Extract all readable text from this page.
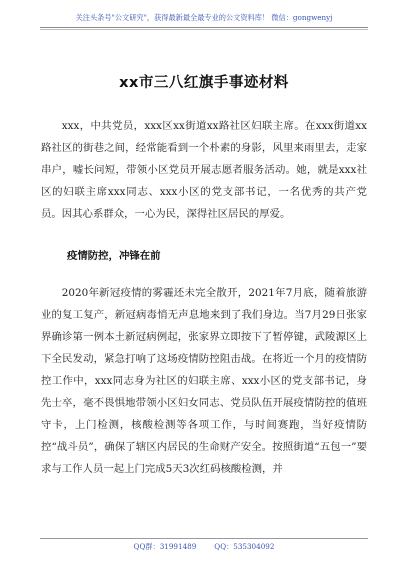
关注头条号"公文研究"，获得最新最全最专业的公文资料库！ 微信：gongwenyj
xx市三八红旗手事迹材料
xxx，中共党员，xxx区xx街道xx路社区妇联主席。在xxx街道xx路社区的街巷之间，经常能看到一个朴素的身影，风里来雨里去，走家串户，嘘长问短，带领小区党员开展志愿者服务活动。她，就是xxx社区的妇联主席xxx同志、xxx小区的党支部书记，一名优秀的共产党员。因其心系群众，一心为民，深得社区居民的厚爱。
疫情防控，冲锋在前
2020年新冠疫情的雾霾还未完全散开，2021年7月底，随着旅游业的复工复产，新冠病毒悄无声息地来到了我们身边。当7月29日张家界确诊第一例本土新冠病例起，张家界立即按下了暂停键，武陵源区上下全民发动，紧急打响了这场疫情防控阻击战。在将近一个月的疫情防控工作中，xxx同志身为社区的妇联主席、xxx小区的党支部书记，身先士卒，毫不畏惧地带领小区妇女同志、党员队伍开展疫情防控的值班守卡，上门检测，核酸检测等各项工作，与时间赛跑，当好疫情防控“战斗员”，确保了辖区内居民的生命财产安全。按照街道“五包一”要求与工作人员一起上门完成5天3次红码核酸检测，并
QQ群：31991489	QQ：535304092
